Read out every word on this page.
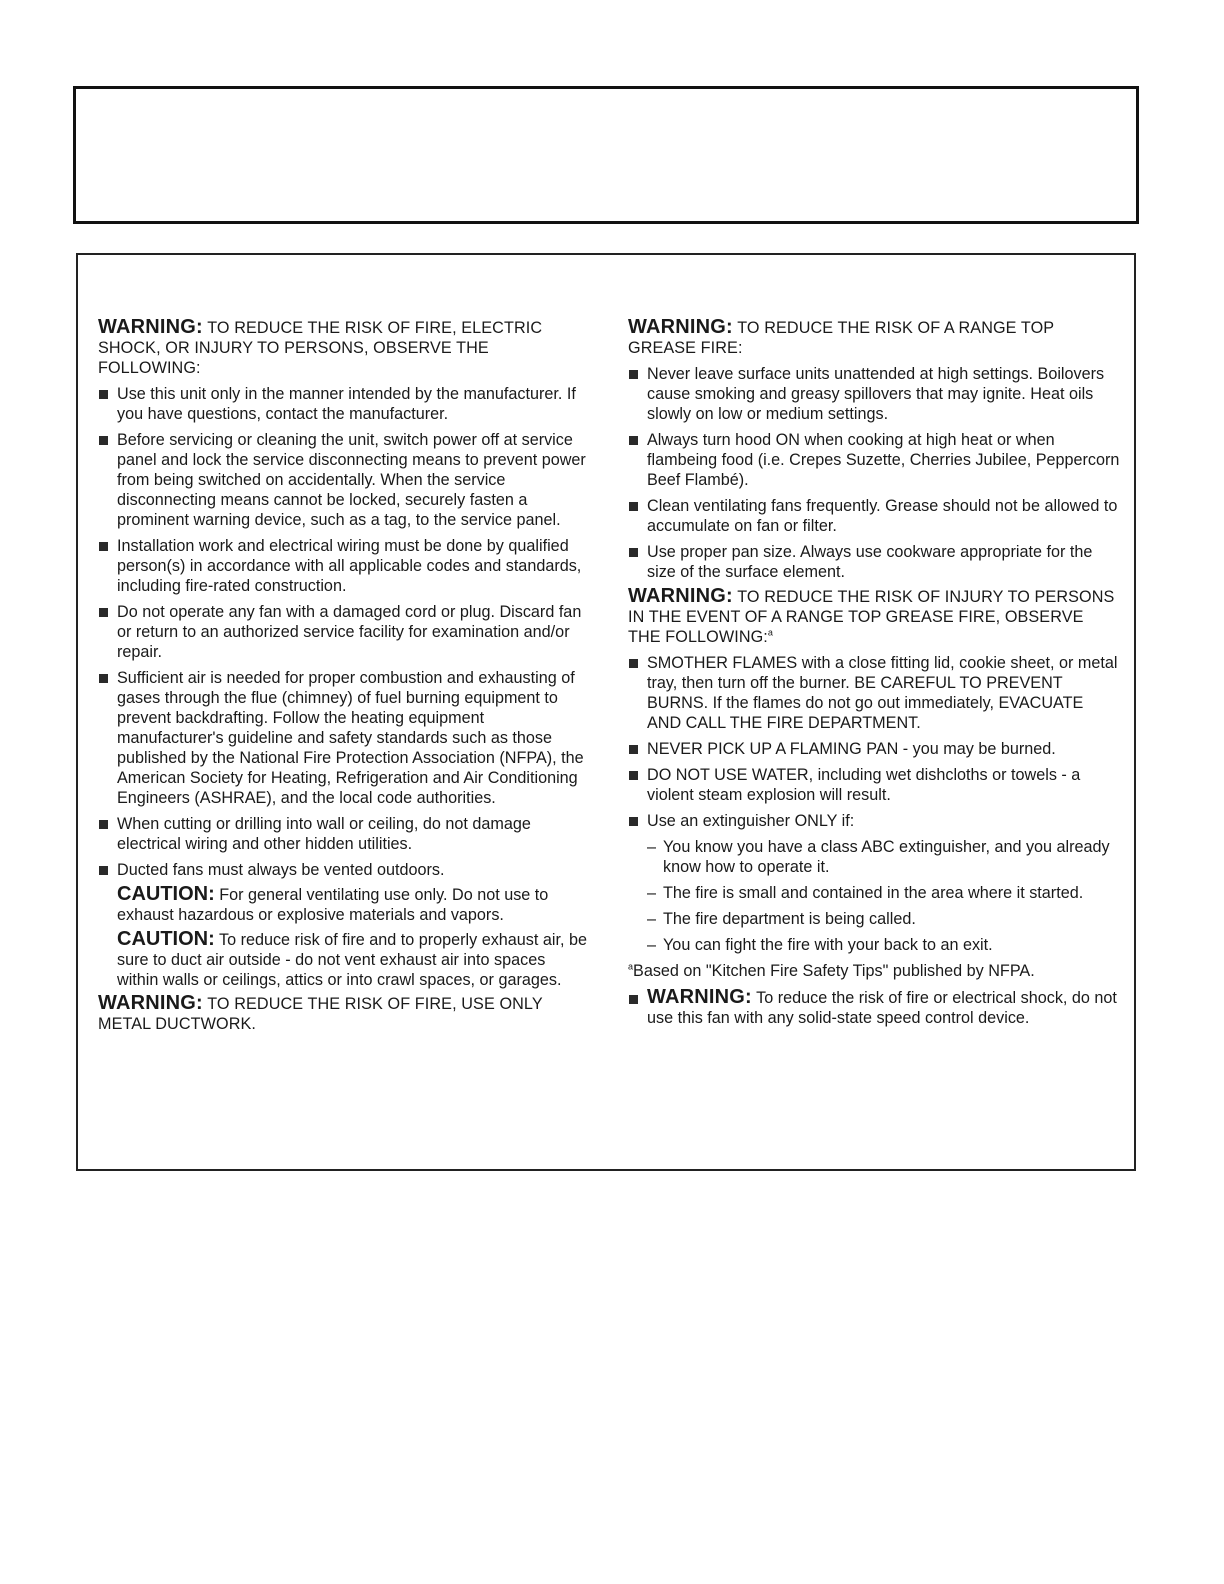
WARNING: TO REDUCE THE RISK OF FIRE, ELECTRIC SHOCK, OR INJURY TO PERSONS, OBSERVE THE FOLLOWING:

Use this unit only in the manner intended by the manufacturer. If you have questions, contact the manufacturer.
Before servicing or cleaning the unit, switch power off at service panel and lock the service disconnecting means to prevent power from being switched on accidentally. When the service disconnecting means cannot be locked, securely fasten a prominent warning device, such as a tag, to the service panel.
Installation work and electrical wiring must be done by qualified person(s) in accordance with all applicable codes and standards, including fire-rated construction.
Do not operate any fan with a damaged cord or plug. Discard fan or return to an authorized service facility for examination and/or repair.
Sufficient air is needed for proper combustion and exhausting of gases through the flue (chimney) of fuel burning equipment to prevent backdrafting. Follow the heating equipment manufacturer's guideline and safety standards such as those published by the National Fire Protection Association (NFPA), the American Society for Heating, Refrigeration and Air Conditioning Engineers (ASHRAE), and the local code authorities.
When cutting or drilling into wall or ceiling, do not damage electrical wiring and other hidden utilities.
Ducted fans must always be vented outdoors.

CAUTION: For general ventilating use only. Do not use to exhaust hazardous or explosive materials and vapors.

CAUTION: To reduce risk of fire and to properly exhaust air, be sure to duct air outside - do not vent exhaust air into spaces within walls or ceilings, attics or into crawl spaces, or garages.

WARNING: TO REDUCE THE RISK OF FIRE, USE ONLY METAL DUCTWORK.

WARNING: TO REDUCE THE RISK OF A RANGE TOP GREASE FIRE:

Never leave surface units unattended at high settings. Boilovers cause smoking and greasy spillovers that may ignite. Heat oils slowly on low or medium settings.
Always turn hood ON when cooking at high heat or when flambeing food (i.e. Crepes Suzette, Cherries Jubilee, Peppercorn Beef Flambé).
Clean ventilating fans frequently. Grease should not be allowed to accumulate on fan or filter.
Use proper pan size. Always use cookware appropriate for the size of the surface element.

WARNING: TO REDUCE THE RISK OF INJURY TO PERSONS IN THE EVENT OF A RANGE TOP GREASE FIRE, OBSERVE THE FOLLOWING:$^a$

SMOTHER FLAMES with a close fitting lid, cookie sheet, or metal tray, then turn off the burner. BE CAREFUL TO PREVENT BURNS. If the flames do not go out immediately, EVACUATE AND CALL THE FIRE DEPARTMENT.
NEVER PICK UP A FLAMING PAN - you may be burned.
DO NOT USE WATER, including wet dishcloths or towels - a violent steam explosion will result.
Use an extinguisher ONLY if:
– You know you have a class ABC extinguisher, and you already know how to operate it.
– The fire is small and contained in the area where it started.
– The fire department is being called.
– You can fight the fire with your back to an exit.

$^a$Based on "Kitchen Fire Safety Tips" published by NFPA.

WARNING: To reduce the risk of fire or electrical shock, do not use this fan with any solid-state speed control device.
